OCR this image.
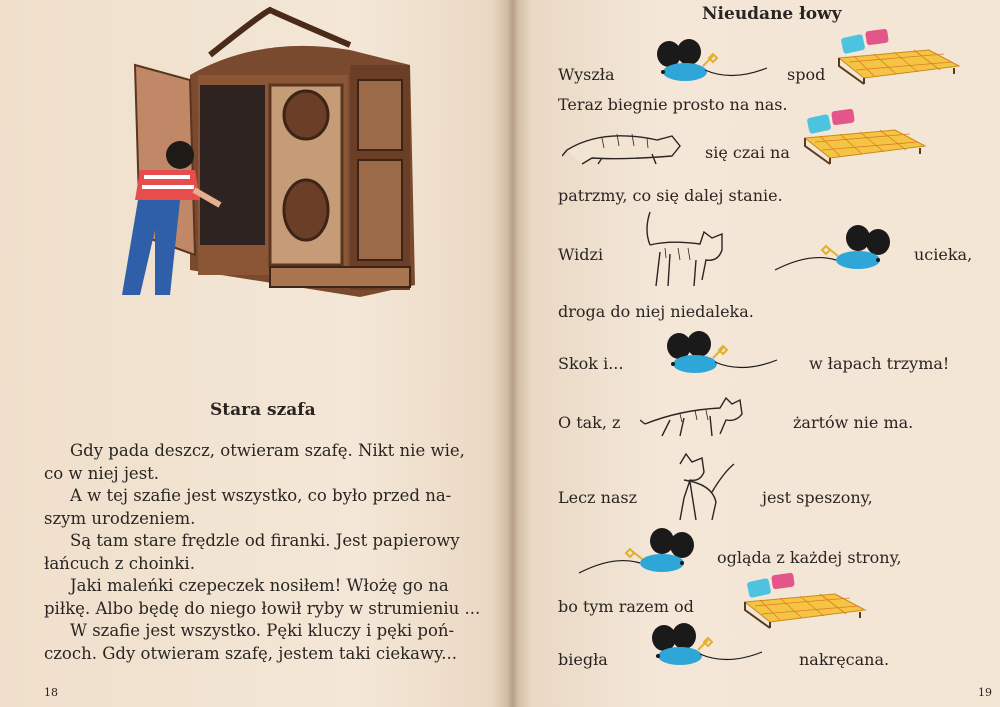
Stara szafa

Gdy pada deszcz, otwieram szafę. Nikt nie wie,

co w niej jest.

A w tej szafie jest wszystko, co było przed na-

szym urodzeniem.

Są tam stare frędzle od firanki. Jest papierowy

łańcuch z choinki.

Jaki maleńki czepeczek nosiłem! Włożę go na

piłkę. Albo będę do niego łowił ryby w strumieniu ...

W szafie jest wszystko. Pęki kluczy i pęki poń-

czoch. Gdy otwieram szafę, jestem taki ciekawy...

18
Nieudane łowy
Wyszła	spod
Teraz biegnie prosto na nas.
się czai na
patrzmy, co się dalej stanie.
Widzi	ucieka,
droga do niej niedaleka.
Skok i...	w łapach trzyma!
O tak, z	żartów nie ma.
Lecz nasz	jest speszony,
ogląda z każdej strony,
bo tym razem od
biegła	nakręcana.
19
